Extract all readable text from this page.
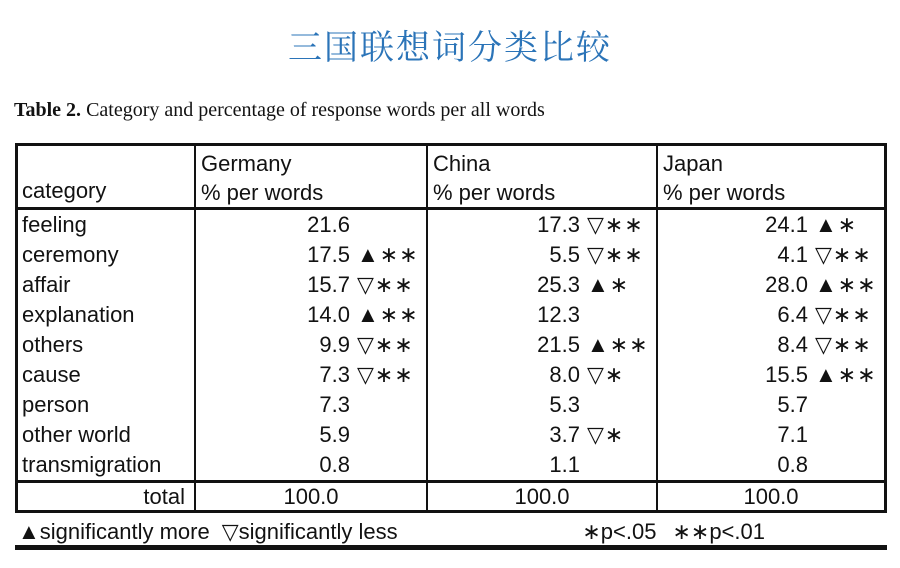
三国联想词分类比较
Table 2. Category and percentage of response words per all words
category
Germany
% per words
China
% per words
Japan
% per words
feeling	21.6	17.3 ▽∗∗	24.1 ▲∗
ceremony	17.5 ▲∗∗	5.5 ▽∗∗	4.1 ▽∗∗
affair	15.7 ▽∗∗	25.3 ▲∗	28.0 ▲∗∗
explanation	14.0 ▲∗∗	12.3	6.4 ▽∗∗
others	9.9 ▽∗∗	21.5 ▲∗∗	8.4 ▽∗∗
cause	7.3 ▽∗∗	8.0 ▽∗	15.5 ▲∗∗
person	7.3	5.3	5.7
other world	5.9	3.7 ▽∗	7.1
transmigration	0.8	1.1	0.8
total	100.0	100.0	100.0
▲significantly more ▽significantly less	∗p<.05 ∗∗p<.01
